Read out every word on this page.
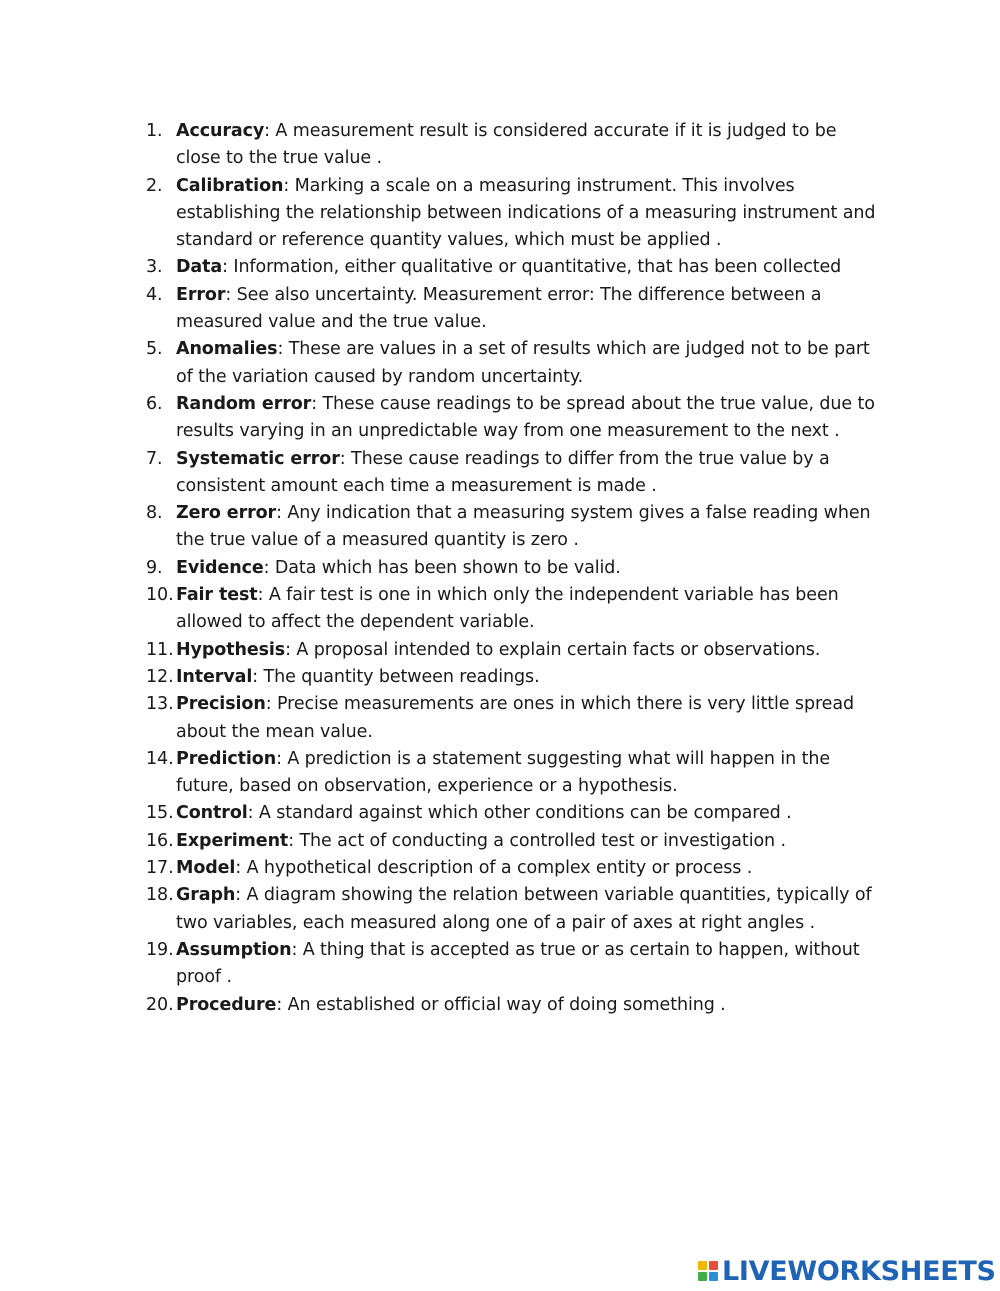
1. Accuracy: A measurement result is considered accurate if it is judged to be close to the true value .
2. Calibration: Marking a scale on a measuring instrument. This involves establishing the relationship between indications of a measuring instrument and standard or reference quantity values, which must be applied .
3. Data: Information, either qualitative or quantitative, that has been collected
4. Error: See also uncertainty. Measurement error: The difference between a measured value and the true value.
5. Anomalies: These are values in a set of results which are judged not to be part of the variation caused by random uncertainty.
6. Random error: These cause readings to be spread about the true value, due to results varying in an unpredictable way from one measurement to the next .
7. Systematic error: These cause readings to differ from the true value by a consistent amount each time a measurement is made .
8. Zero error: Any indication that a measuring system gives a false reading when the true value of a measured quantity is zero .
9. Evidence: Data which has been shown to be valid.
10. Fair test: A fair test is one in which only the independent variable has been allowed to affect the dependent variable.
11. Hypothesis: A proposal intended to explain certain facts or observations.
12. Interval: The quantity between readings.
13. Precision: Precise measurements are ones in which there is very little spread about the mean value.
14. Prediction: A prediction is a statement suggesting what will happen in the future, based on observation, experience or a hypothesis.
15. Control: A standard against which other conditions can be compared .
16. Experiment: The act of conducting a controlled test or investigation .
17. Model: A hypothetical description of a complex entity or process .
18. Graph: A diagram showing the relation between variable quantities, typically of two variables, each measured along one of a pair of axes at right angles .
19. Assumption: A thing that is accepted as true or as certain to happen, without proof .
20. Procedure: An established or official way of doing something .
LIVEWORKSHEETS
